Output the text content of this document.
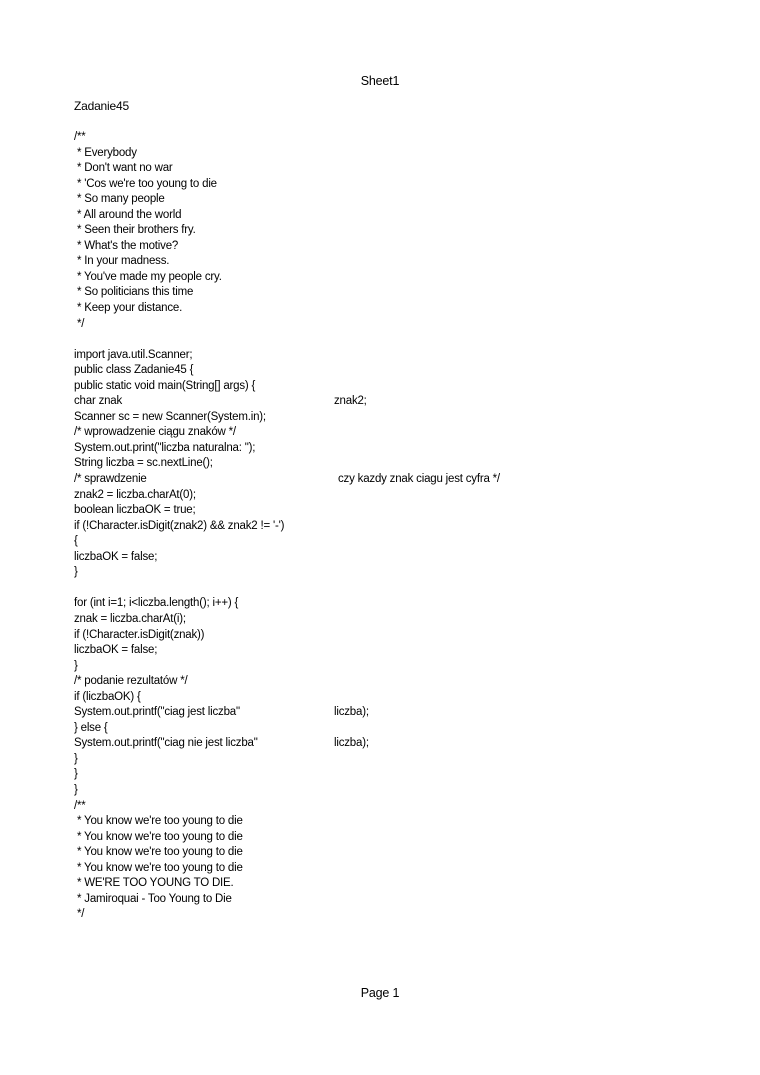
Sheet1
Zadanie45
/**
* Everybody
* Don't want no war
* 'Cos we're too young to die
* So many people
* All around the world
* Seen their brothers fry.
* What's the motive?
* In your madness.
* You've made my people cry.
* So politicians this time
* Keep your distance.
*/
import java.util.Scanner;
public class Zadanie45 {
public static void main(String[] args) {
char znak	znak2;
Scanner sc = new Scanner(System.in);
/* wprowadzenie ciągu znaków */
System.out.print("liczba naturalna: ");
String liczba = sc.nextLine();
/* sprawdzenie	czy kazdy znak ciagu jest cyfra */
znak2 = liczba.charAt(0);
boolean liczbaOK = true;
if (!Character.isDigit(znak2) && znak2 != '-')
{
liczbaOK = false;
}
for (int i=1; i<liczba.length(); i++) {
znak = liczba.charAt(i);
if (!Character.isDigit(znak))
liczbaOK = false;
}
/* podanie rezultatów */
if (liczbaOK) {
System.out.printf("ciag jest liczba"	liczba);
} else {
System.out.printf("ciag nie jest liczba"	liczba);
}
}
}
/**
* You know we're too young to die
* You know we're too young to die
* You know we're too young to die
* You know we're too young to die
* WE'RE TOO YOUNG TO DIE.
* Jamiroquai - Too Young to Die
*/
Page 1
